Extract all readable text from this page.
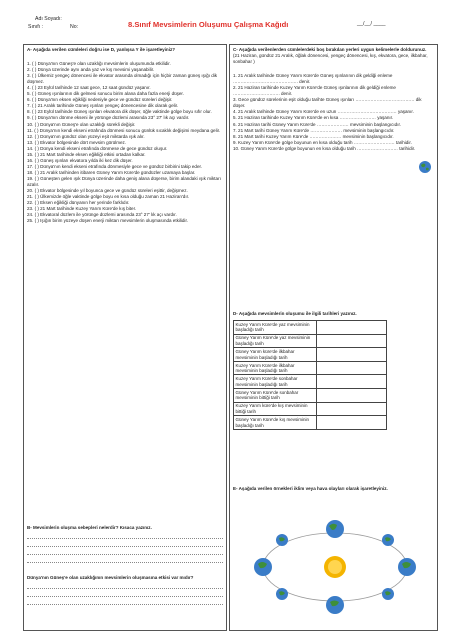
Adı Soyadı:
Sınıfı :	No:	8.Sınıf Mevsimlerin Oluşumu Çalışma Kağıdı	__/__/ ____

A- Aşağıda verilen cümleleri doğru ise D, yanlışsa Y ile işaretleyiniz?

1. ( ) Dünya'nın Güneş'e olan uzaklığı mevsimlerin oluşumunda etkilidir.

2. ( ) Dünya üzerinde aynı anda yaz ve kış mevsimi yaşanabilir.

3. ( ) Ülkemiz yengeç dönencesi ile ekvator arasında olmadığı için hiçbir zaman güneş ışığı dik düşmez.

4. ( ) 23 Eylül tarihinde 12 saat gece, 12 saat gündüz yaşanır.

5. ( ) Güneş ışınlarının dik gelmesi sonucu birim alana daha fazla enerji düşer.

6. ( ) Dünya'nın eksen eğikliği nedeniyle gece ve gündüz süreleri değişir.

7. ( ) 21 Aralık tarihinde Güneş ışınları yengeç dönencesine dik olarak gelir.

8. ( ) 23 Eylül tarihinde Güneş ışınları ekvatora dik düşer, öğle vaktinde gölge boyu sıfır olur.

9. ( ) Dünya'nın dönme ekseni ile yörünge düzlemi arasında 23° 27' lık açı vardır.

10. ( ) Dünya'nın Güneş'e olan uzaklığı sürekli değişir.

11. ( ) Dünya'nın kendi ekseni etrafında dönmesi sonucu günlük sıcaklık değişimi meydana gelir.

12. ( ) Dünya'nın gündüz olan yüzeyi eşit miktarda ışık alır.

13. ( ) Ekvator bölgesinde dört mevsim görülmez.

14. ( ) Dünya kendi ekseni etrafında dönmese de gece gündüz oluşur.

15. ( ) 21 Mart tarihinde eksen eğikliği etkisi ortadan kalkar.

16. ( ) Güneş ışınları ekvatora yılda iki kez dik düşer.

17. ( ) Dünya'nın kendi ekseni etrafında dönmesiyle gece ve gündüz birbirini takip eder.

18. ( ) 21 Aralık tarihinden itibaren Güney Yarım Küre'de gündüzler uzamaya başlar.

19. ( ) Güneşten gelen ışık Dünya üzerinde daha geniş alana düşerse, birim alandaki ışık miktarı azalır.

20. ( ) Ekvator bölgesinde yıl boyunca gece ve gündüz süreleri eşittir, değişmez.

21. ( ) Ülkemizde öğle vaktinde gölge boyu en kısa olduğu zaman 21 Haziran'dır.

22. ( ) Eksen eğikliği dünyanın her yerinde farklıdır.

23. ( ) 21 Mart tarihinde Kuzey Yarım Küre'de kış biter.

24. ( ) Ekvatoral düzlem ile yörünge düzlemi arasında 23° 27' lık açı vardır.

25. ( ) Işığın birim yüzeye düşen enerji miktarı mevsimlerin oluşmasında etkilidir.

B- Mevsimlerin oluşma sebepleri nelerdir? Kısaca yazınız.

Dünya'nın Güneş'e olan uzaklığının mevsimlerin oluşmasına etkisi var mıdır?

C- Aşağıda verilenlerden cümlelerdeki boş bırakılan yerleri uygun kelimelerle doldurunuz. (21 Haziran, gündüz 21 Aralık, öğlak dönencesi, yengeç dönencesi, kış, ekvatora, gece, ilkbahar, sonbahar )

1. 21 Aralık tarihinde Güney Yarım Küre'de Güneş ışınlarının dik geldiği enleme ……………………………………. denir.

2. 21 Haziran tarihinde Kuzey Yarım Küre'de Güneş ışınlarının dik geldiği enleme …………………………. denir.

3. Gece gündüz sürelerinin eşit olduğu tarihte Güneş ışınları ………………………………… dik düşer.

4. 21 Aralık tarihinde Güney Yarım Küre'de en uzun ………………………………… yaşanır.

5. 21 Haziran tarihinde Kuzey Yarım Küre'de en kısa …………………… yaşanır.

6. 21 Haziran tarihi Güney Yarım Küre'de ………………… mevsiminin başlangıcıdır.

7. 21 Mart tarihi Güney Yarım Küre'de ………………… mevsiminin başlangıcıdır.

8. 21 Mart tarihi Kuzey Yarım Küre'de ………………… mevsiminin başlangıcıdır.

9. Kuzey Yarım Küre'de gölge boyunun en kısa olduğu tarih ……………………… tarihidir.

10. Güney Yarım Küre'de gölge boyunun en kısa olduğu tarih ……………………… tarihidir.

D- Aşağıda mevsimlerin oluşumu ile ilgili tarihleri yazınız.

Kuzey Yarım Küre'de yaz mevsiminin başladığı tarih	
Güney Yarım Küre'de yaz mevsiminin başladığı tarih	
Güney Yarım küre'de ilkbahar mevsiminin başladığı tarih	
Kuzey Yarım Küre'de ilkbahar mevsiminin başladığı tarih	
Kuzey Yarım Küre'de sonbahar mevsiminin başladığı tarih	
Güney Yarım Küre'de sonbahar mevsiminin bittiği tarih	
Kuzey Yarım küre'de kış mevsiminin bittiği tarih	
Güney Yarım Küre'de kış mevsiminin başladığı tarih	

E- Aşağıda verilen örnekleri iklim veya hava olayları olarak işaretleyiniz.
